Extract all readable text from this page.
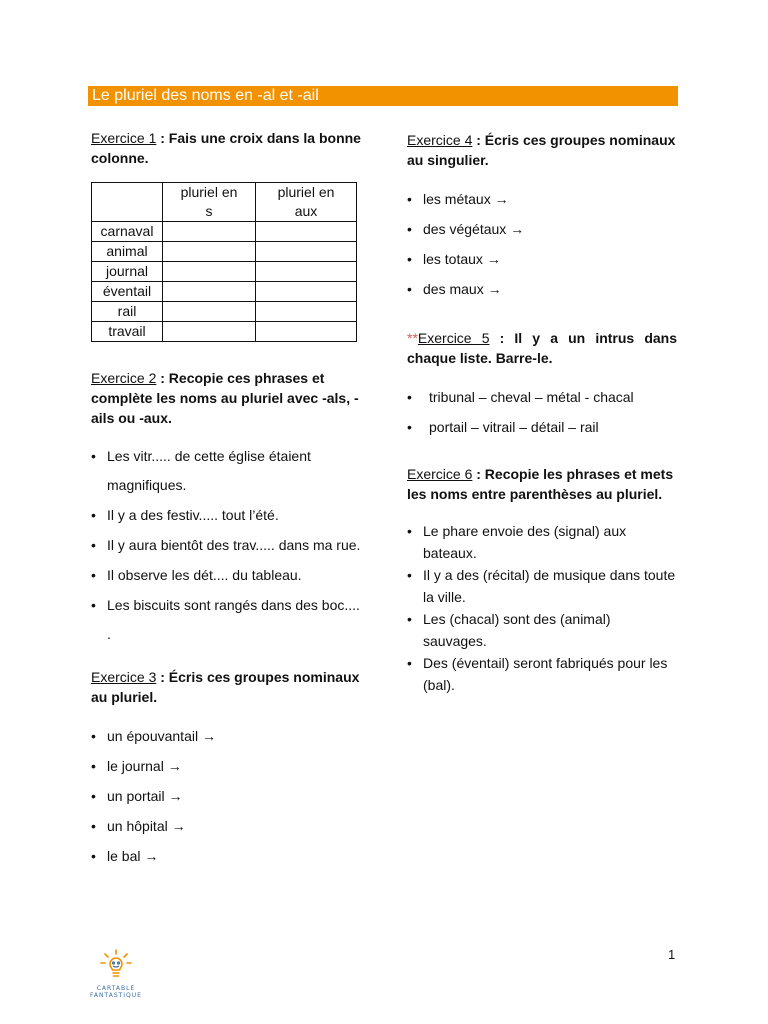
Le pluriel des noms en -al et -ail

Exercice 1 : Fais une croix dans la bonne colonne.

	pluriel en s	pluriel en aux
carnaval		
animal		
journal		
éventail		
rail		
travail		

Exercice 2 : Recopie ces phrases et complète les noms au pluriel avec -als, -ails ou -aux.

• Les vitr..... de cette église étaient magnifiques.
• Il y a des festiv..... tout l’été.
• Il y aura bientôt des trav..... dans ma rue.
• Il observe les dét.... du tableau.
• Les biscuits sont rangés dans des boc.... .

Exercice 3 : Écris ces groupes nominaux au pluriel.

• un épouvantail →
• le journal →
• un portail →
• un hôpital →
• le bal →

Exercice 4 : Écris ces groupes nominaux au singulier.

• les métaux →
• des végétaux →
• les totaux →
• des maux →

**Exercice 5 : Il y a un intrus dans chaque liste. Barre-le.

• tribunal – cheval – métal - chacal
• portail – vitrail – détail – rail

Exercice 6 : Recopie les phrases et mets les noms entre parenthèses au pluriel.

• Le phare envoie des (signal) aux bateaux.
• Il y a des (récital) de musique dans toute la ville.
• Les (chacal) sont des (animal) sauvages.
• Des (éventail) seront fabriqués pour les (bal).
CARTABLE
FANTASTIQUE
1
